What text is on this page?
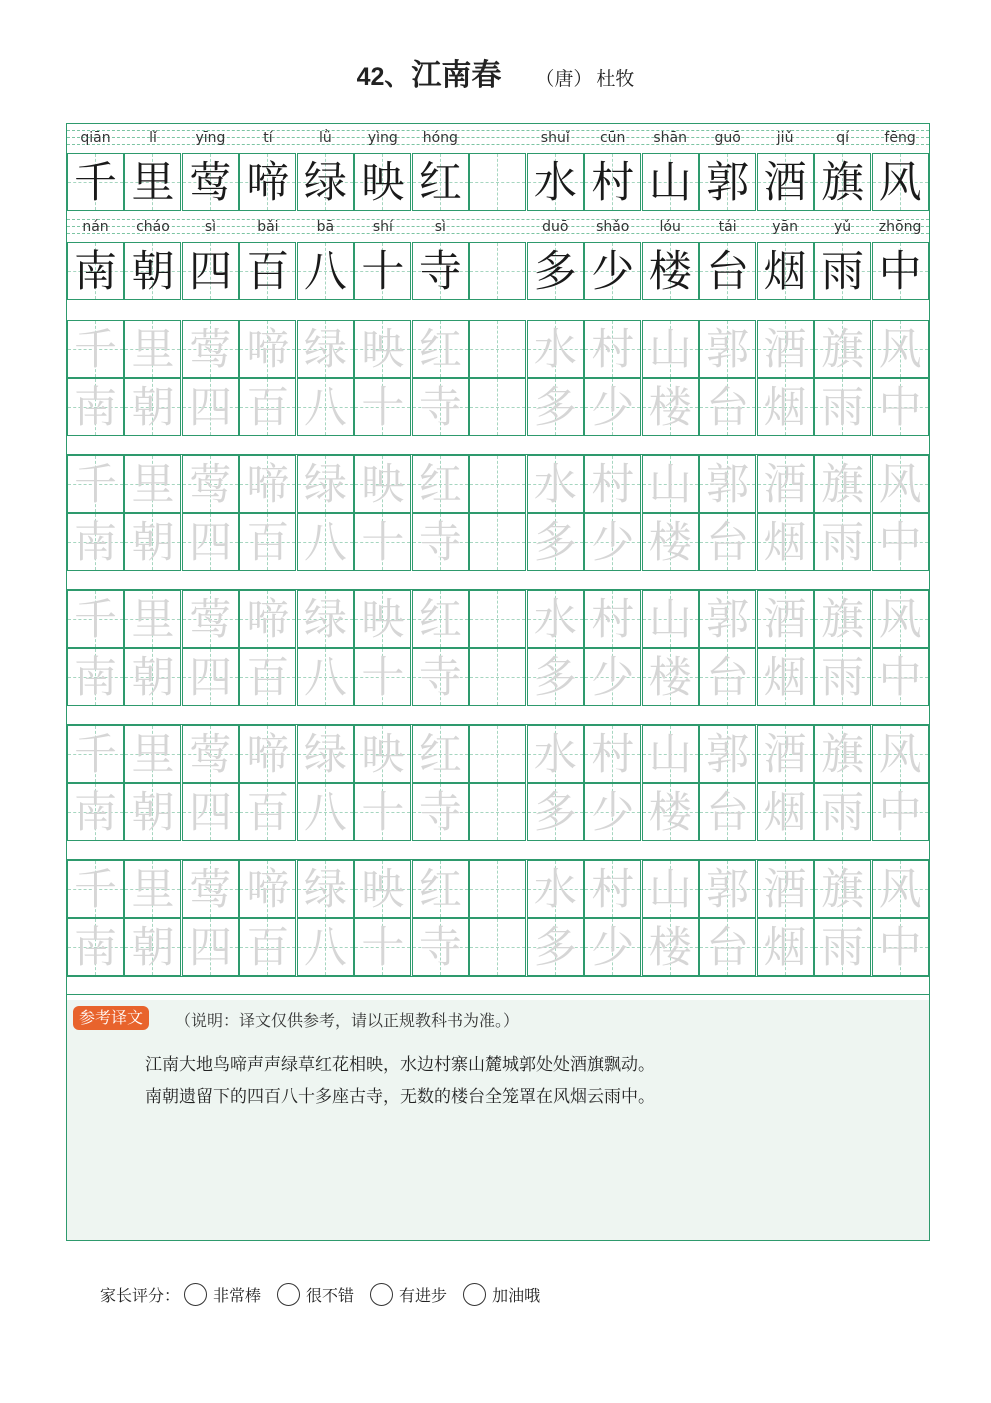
42、江南春 （唐） 杜牧
qiān	lǐ	yīng	tí	lǜ	yìng	hóng	shuǐ	cūn	shān	guō	jiǔ	qí	fēng
千 里 莺 啼 绿 映 红 水 村 山 郭 酒 旗 风
nán	cháo	sì	bǎi	bā	shí	sì	duō	shǎo	lóu	tái	yān	yǔ	zhōng
南 朝 四 百 八 十 寺 多 少 楼 台 烟 雨 中
千 里 莺 啼 绿 映 红 水 村 山 郭 酒 旗 风
南 朝 四 百 八 十 寺 多 少 楼 台 烟 雨 中
千 里 莺 啼 绿 映 红 水 村 山 郭 酒 旗 风
南 朝 四 百 八 十 寺 多 少 楼 台 烟 雨 中
千 里 莺 啼 绿 映 红 水 村 山 郭 酒 旗 风
南 朝 四 百 八 十 寺 多 少 楼 台 烟 雨 中
千 里 莺 啼 绿 映 红 水 村 山 郭 酒 旗 风
南 朝 四 百 八 十 寺 多 少 楼 台 烟 雨 中
千 里 莺 啼 绿 映 红 水 村 山 郭 酒 旗 风
南 朝 四 百 八 十 寺 多 少 楼 台 烟 雨 中
参考译文	（说明：译文仅供参考，请以正规教科书为准。）
江南大地鸟啼声声绿草红花相映，水边村寨山麓城郭处处酒旗飘动。
南朝遗留下的四百八十多座古寺，无数的楼台全笼罩在风烟云雨中。
家长评分： 非常棒	很不错	有进步	加油哦
